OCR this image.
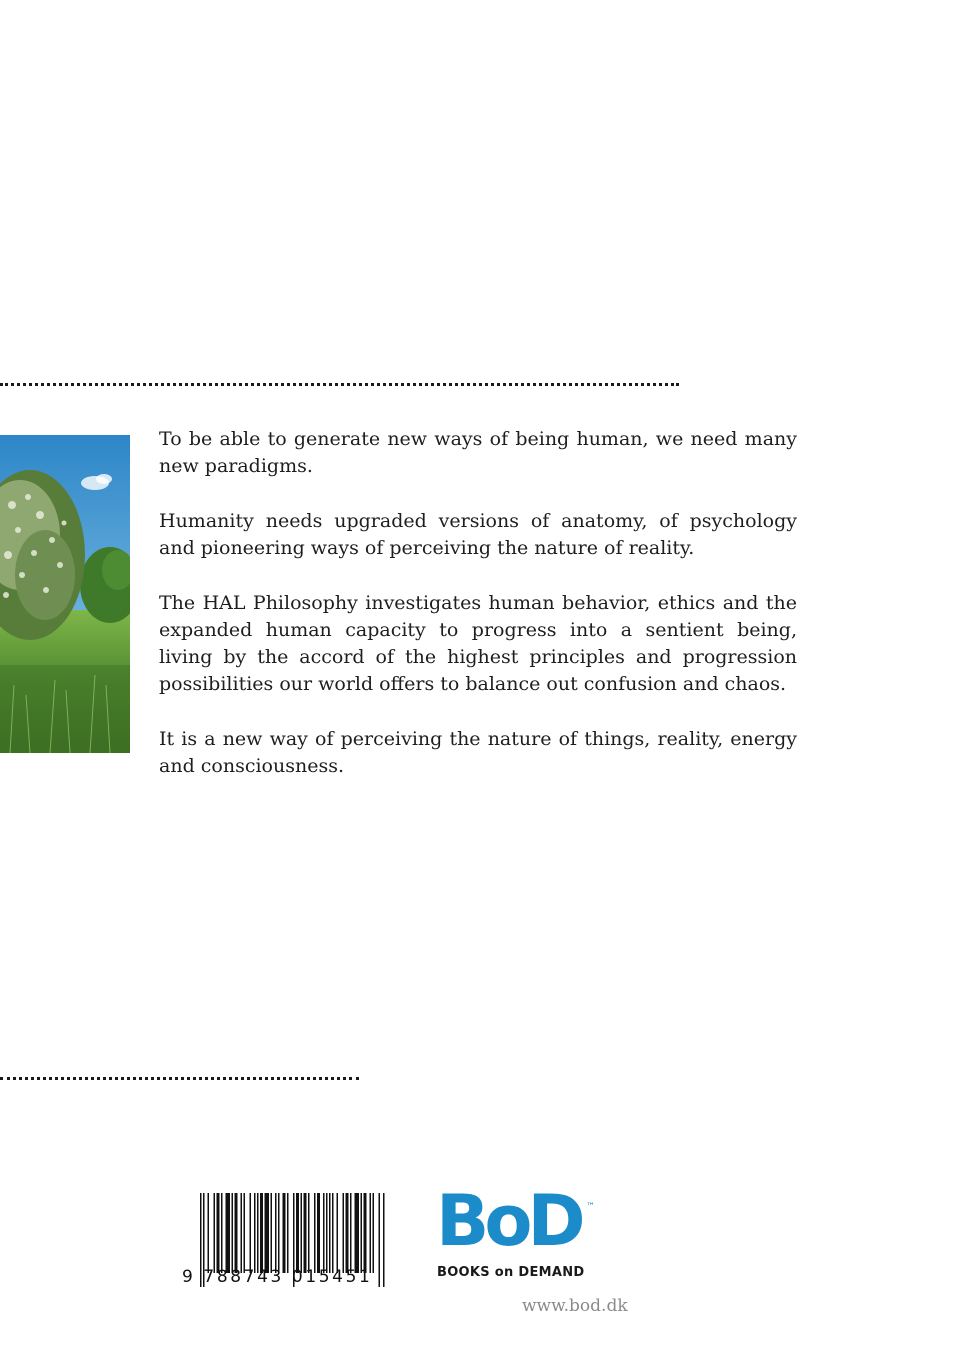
To be able to generate new ways of being human, we need many new paradigms.

Humanity needs upgraded versions of anatomy, of psychology and pioneering ways of perceiving the nature of reality.

The HAL Philosophy investigates human behavior, ethics and the expanded human capacity to progress into a sentient being, living by the accord of the highest principles and progression possibilities our world offers to balance out confusion and chaos.

It is a new way of perceiving the nature of things, reality, energy and consciousness.

9 788743 015451
BoD ™
BOOKS on DEMAND
www.bod.dk
